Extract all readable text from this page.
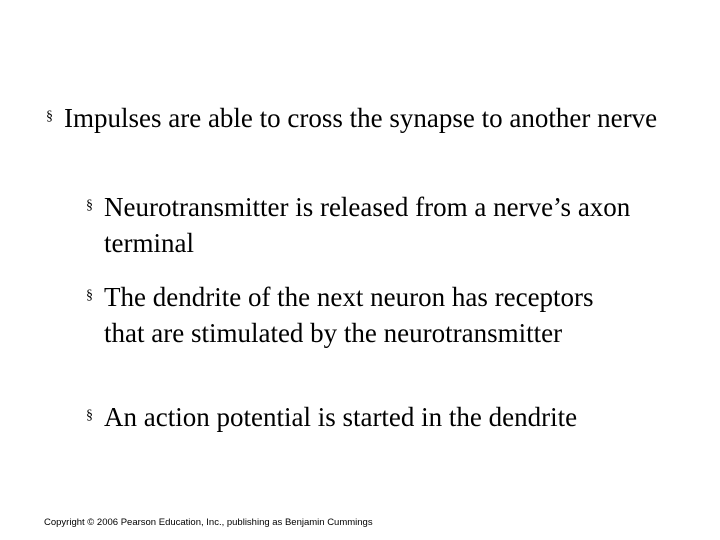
§ Impulses are able to cross the synapse to another nerve
§ Neurotransmitter is released from a nerve’s axon terminal
§ The dendrite of the next neuron has receptors that are stimulated by the neurotransmitter
§ An action potential is started in the dendrite
Copyright © 2006 Pearson Education, Inc., publishing as Benjamin Cummings
